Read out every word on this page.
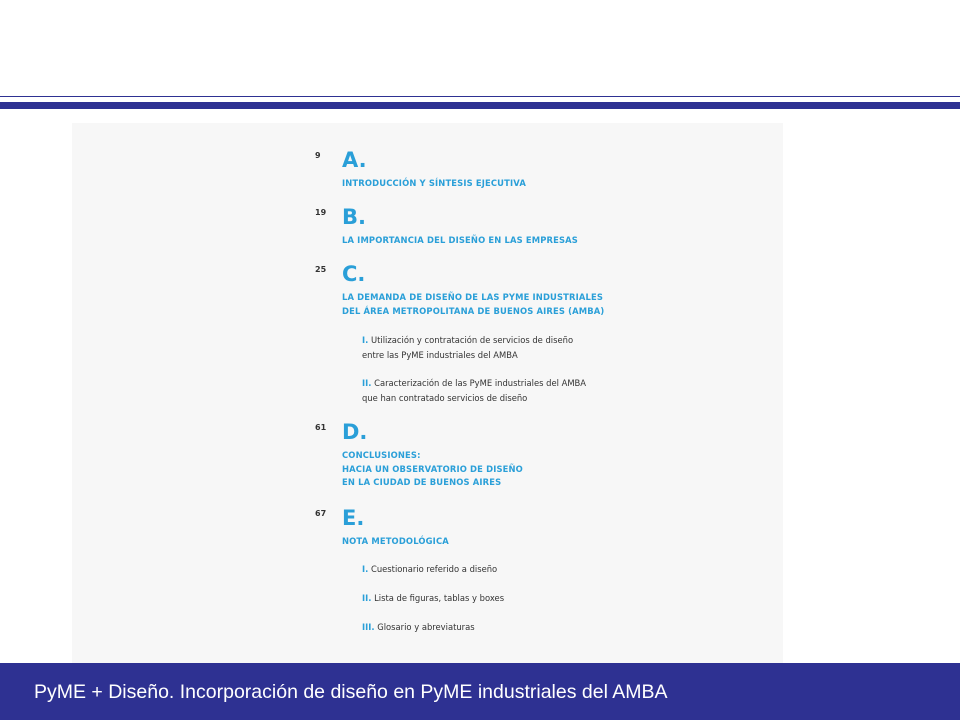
9	A.
INTRODUCCIÓN Y SÍNTESIS EJECUTIVA
19 B.
LA IMPORTANCIA DEL DISEÑO EN LAS EMPRESAS
25 C.
LA DEMANDA DE DISEÑO DE LAS PYME INDUSTRIALES
DEL ÁREA METROPOLITANA DE BUENOS AIRES (AMBA)
I. Utilización y contratación de servicios de diseño
entre las PyME industriales del AMBA
II. Caracterización de las PyME industriales del AMBA
que han contratado servicios de diseño
61 D.
CONCLUSIONES:
HACIA UN OBSERVATORIO DE DISEÑO
EN LA CIUDAD DE BUENOS AIRES
67 E.
NOTA METODOLÓGICA
I. Cuestionario referido a diseño
II. Lista de figuras, tablas y boxes
III. Glosario y abreviaturas
PyME + Diseño. Incorporación de diseño en PyME industriales del AMBA
